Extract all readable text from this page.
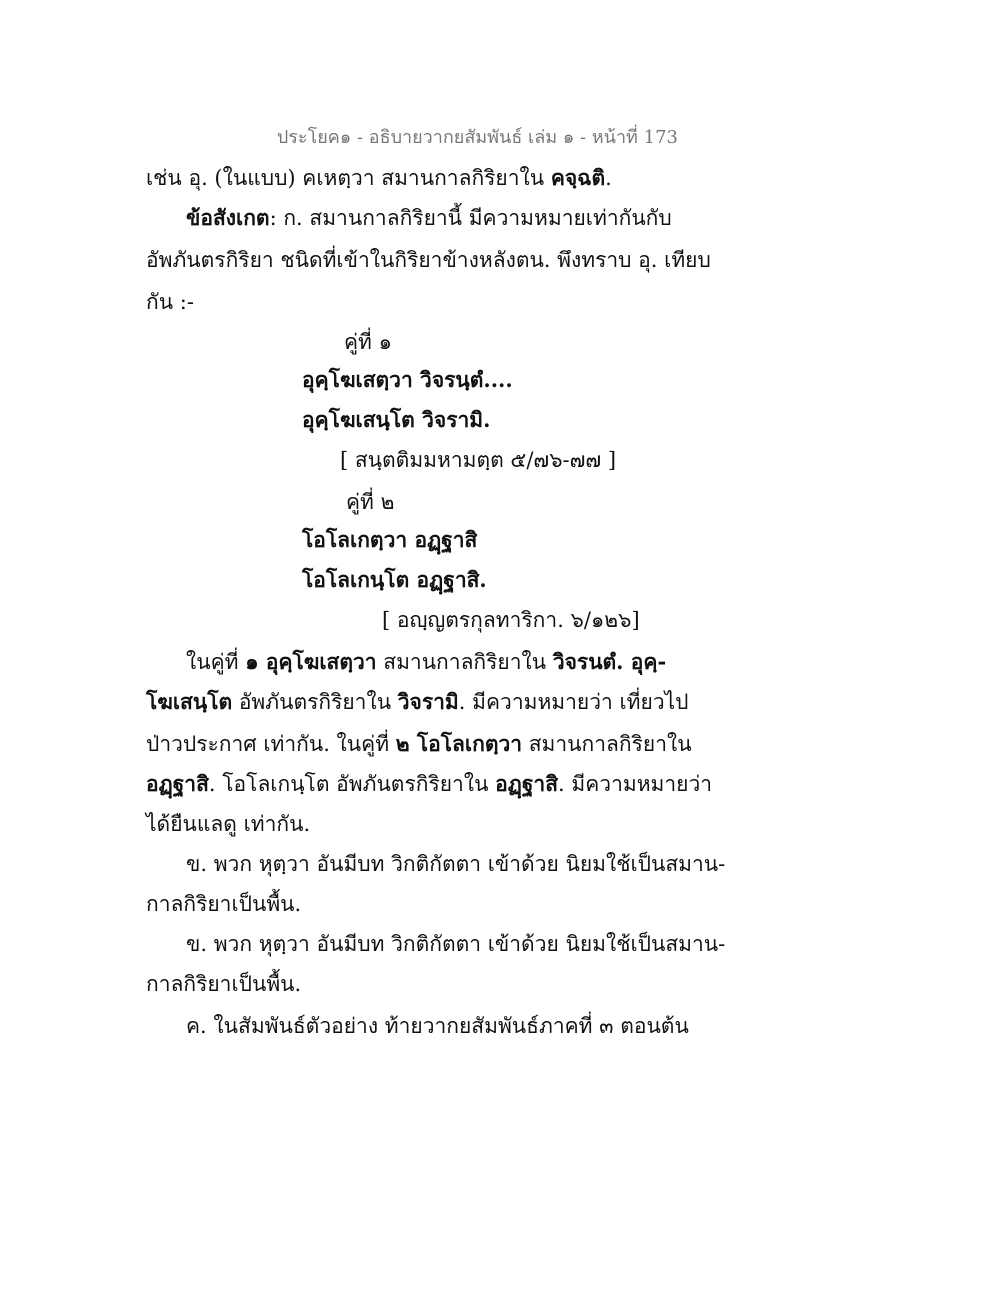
ประโยค๑ - อธิบายวากยสัมพันธ์ เล่ม ๑ - หน้าที่ 173
เช่น อุ. (ในแบบ) คเหตฺวา สมานกาลกิริยาใน คจฺฉติ.
ข้อสังเกต: ก. สมานกาลกิริยานี้ มีความหมายเท่ากันกับ
อัพภันตรกิริยา ชนิดที่เข้าในกิริยาข้างหลังตน. พึงทราบ อุ. เทียบ
กัน :-
คู่ที่ ๑
อุคฺโฆเสตฺวา วิจรนฺตํ....
อุคฺโฆเสนฺโต วิจรามิ.
[ สนฺตติมมหามตฺต ๕/๗๖-๗๗ ]
คู่ที่ ๒
โอโลเกตฺวา อฏฺฐาสิ
โอโลเกนฺโต อฏฺฐาสิ.
[ อญฺญตรกุลทาริกา. ๖/๑๒๖]
ในคู่ที่ ๑ อุคฺโฆเสตฺวา สมานกาลกิริยาใน วิจรนตํ. อุคฺ-
โฆเสนฺโต อัพภันตรกิริยาใน วิจรามิ. มีความหมายว่า เที่ยวไป
ป่าวประกาศ เท่ากัน. ในคู่ที่ ๒ โอโลเกตฺวา สมานกาลกิริยาใน
อฏฺฐาสิ. โอโลเกนฺโต อัพภันตรกิริยาใน อฏฺฐาสิ. มีความหมายว่า
ได้ยืนแลดู เท่ากัน.
ข. พวก หุตฺวา อันมีบท วิกติกัตตา เข้าด้วย นิยมใช้เป็นสมาน-
กาลกิริยาเป็นพื้น.
ข. พวก หุตฺวา อันมีบท วิกติกัตตา เข้าด้วย นิยมใช้เป็นสมาน-
กาลกิริยาเป็นพื้น.
ค. ในสัมพันธ์ตัวอย่าง ท้ายวากยสัมพันธ์ภาคที่ ๓ ตอนต้น
